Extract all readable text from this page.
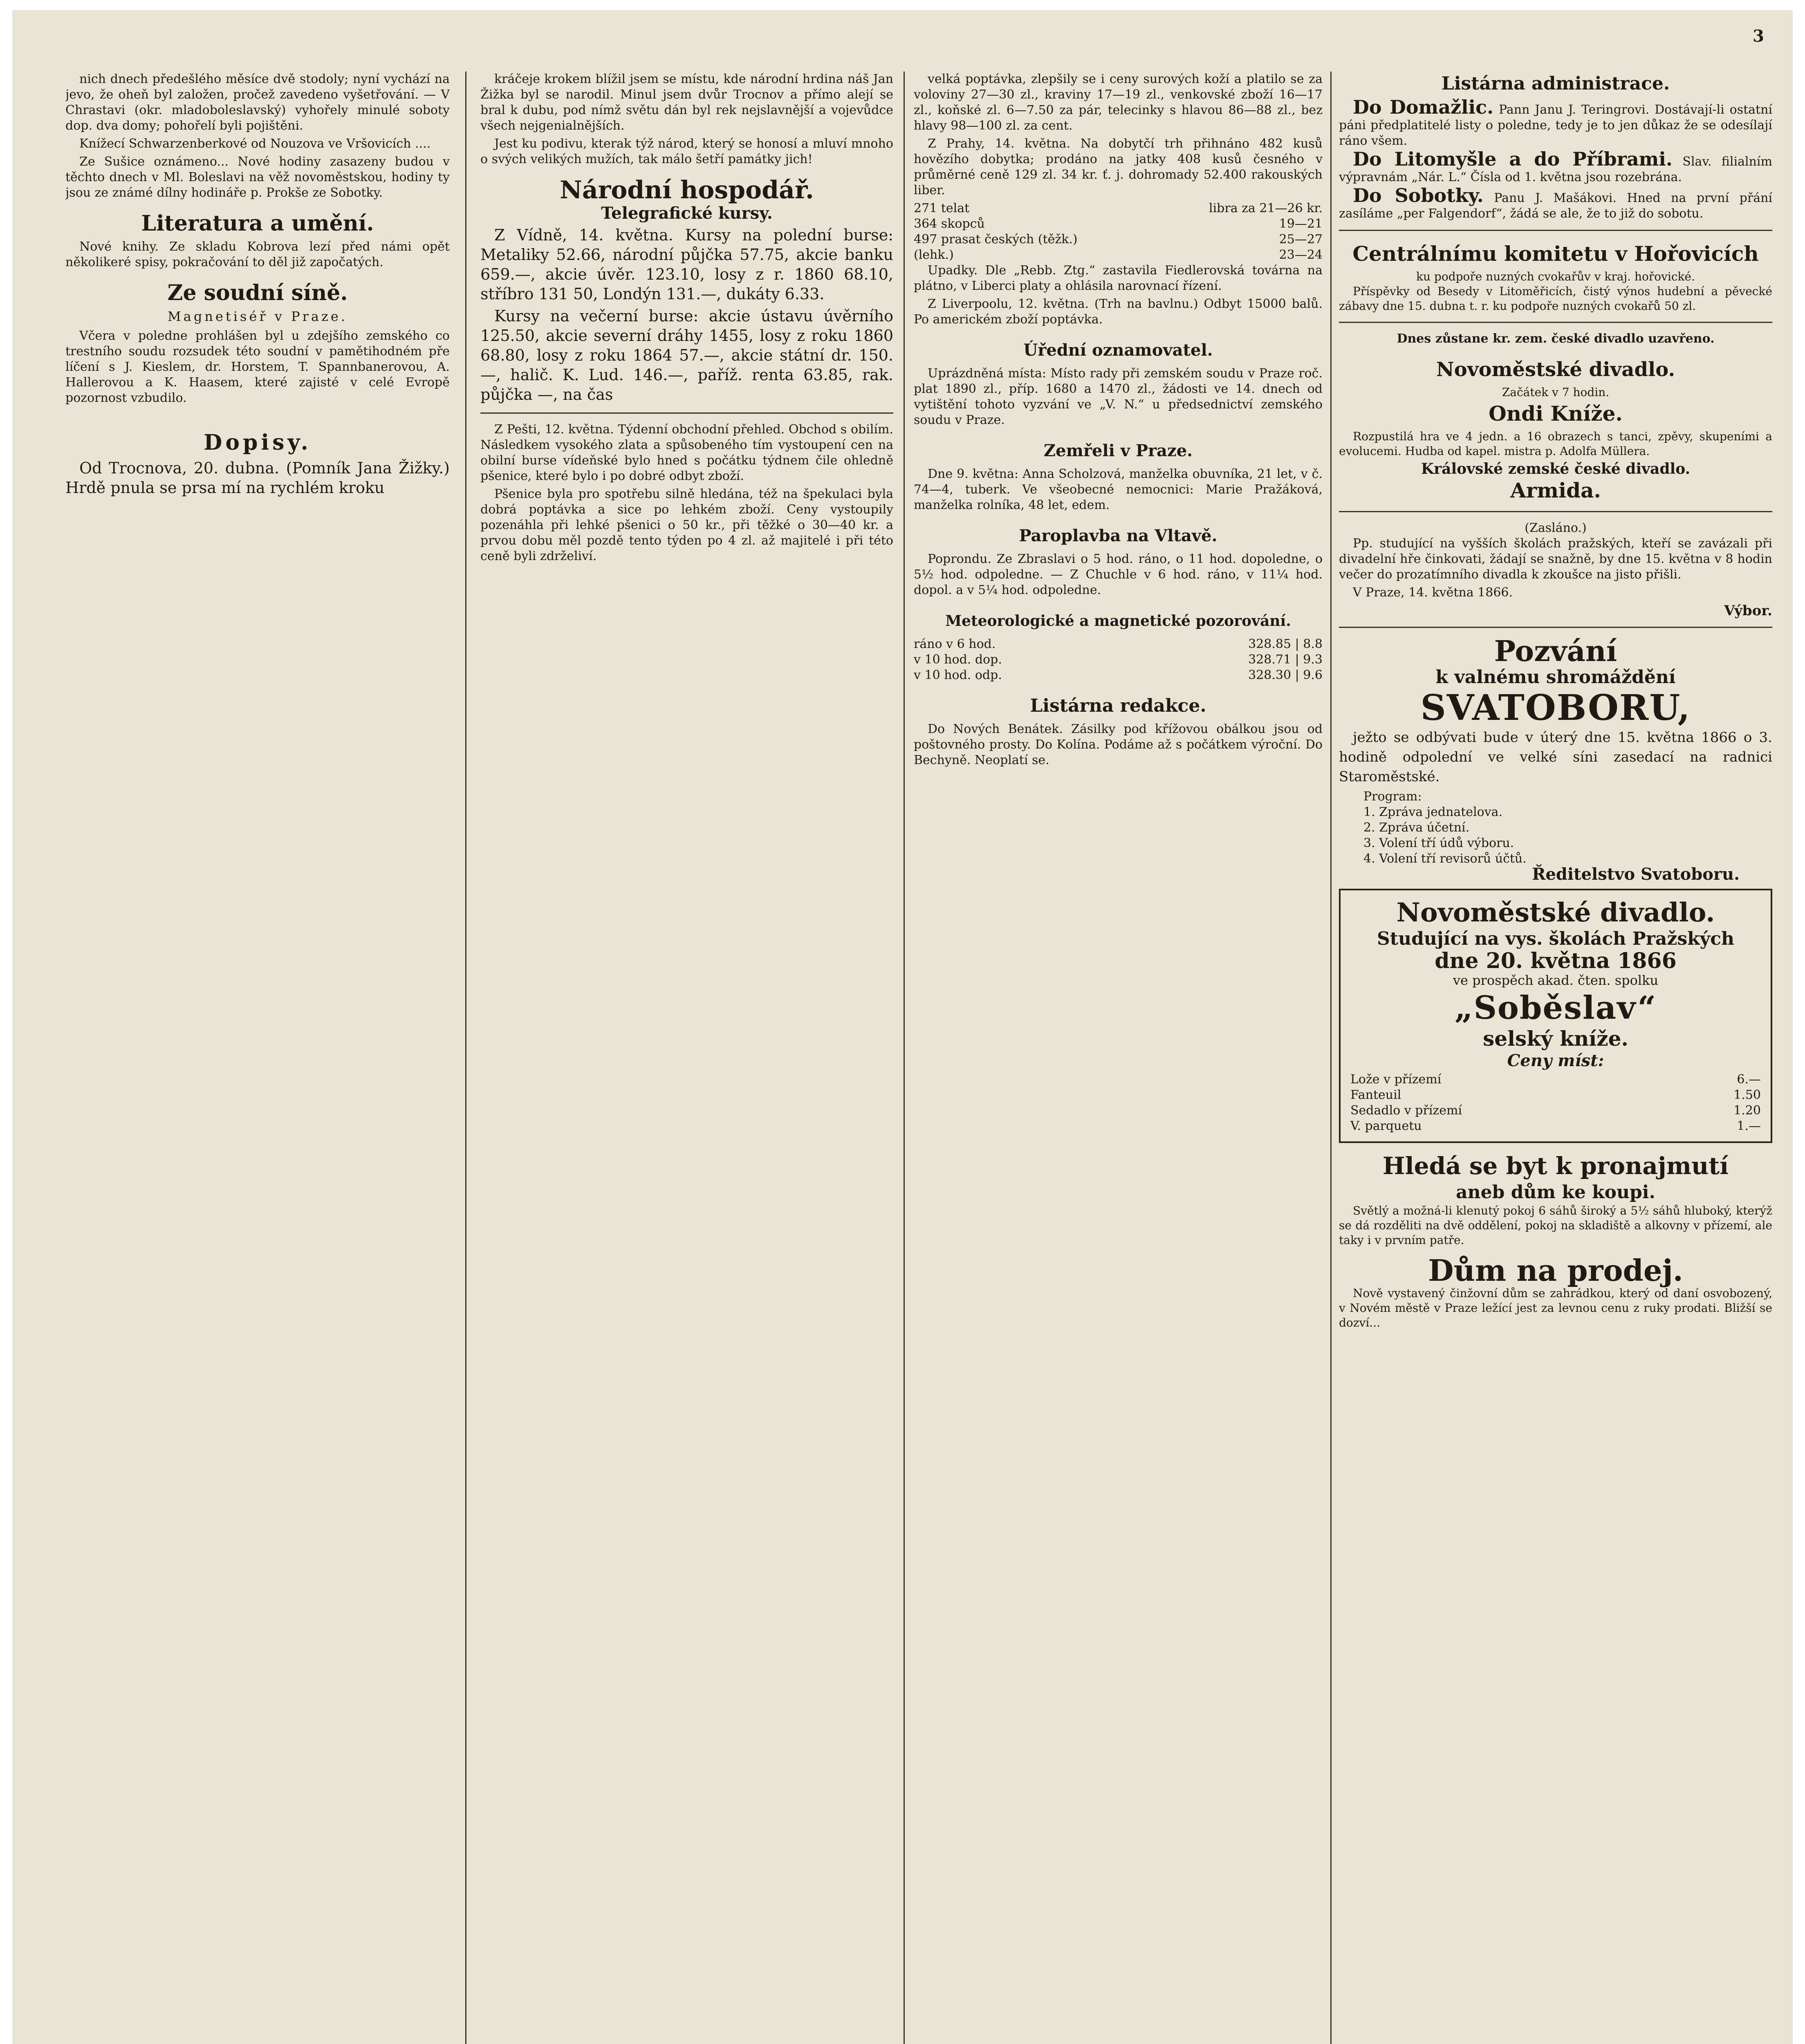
3

nich dnech předešlého měsíce dvě stodoly; nyní vychází na jevo, že oheň byl založen, pročež zavedeno vyšetřování. — V Chrastavi (okr. mladoboleslavský) vyhořely minulé soboty dop. dva domy; pohořelí byli pojištěni.

Knížecí Schwarzenberkové od Nouzova ve Vršovicích ....

Ze Sušice oznámeno... Nové hodiny zasazeny budou v těchto dnech v Ml. Boleslavi na věž novoměstskou, hodiny ty jsou ze známé dílny hodináře p. Prokše ze Sobotky.

Literatura a umění.

Nové knihy. Ze skladu Kobrova lezí před námi opět několikeré spisy, pokračování to děl již započatých.

Ze soudní síně.
Magnetiséř v Praze.

Včera v poledne prohlášen byl u zdejšího zemského co trestního soudu rozsudek této soudní v pamětihodném pře líčení s J. Kieslem, dr. Horstem, T. Spannbanerovou, A. Hallerovou a K. Haasem, které zajisté v celé Evropě pozornost vzbudilo.

Dopisy.

Od Trocnova, 20. dubna. (Pomník Jana Žižky.) Hrdě pnula se prsa mí na rychlém kroku

kráčeje krokem blížil jsem se místu, kde národní hrdina náš Jan Žižka byl se narodil. Minul jsem dvůr Trocnov a přímo alejí se bral k dubu, pod nímž světu dán byl rek nejslavnější a vojevůdce všech nejgenialnějších.

Jest ku podivu, kterak týž národ, který se honosí a mluví mnoho o svých velikých mužích, tak málo šetří památky jich!

Národní hospodář.
Telegrafické kursy.

Z Vídně, 14. května. Kursy na polední burse: Metaliky 52.66, národní půjčka 57.75, akcie banku 659.—, akcie úvěr. 123.10, losy z r. 1860 68.10, stříbro 131 50, Londýn 131.—, dukáty 6.33.

Kursy na večerní burse: akcie ústavu úvěrního 125.50, akcie severní dráhy 1455, losy z roku 1860 68.80, losy z roku 1864 57.—, akcie státní dr. 150.—, halič. K. Lud. 146.—, paříž. renta 63.85, rak. půjčka —, na čas

Z Pešti, 12. května. Týdenní obchodní přehled. Obchod s obilím. Následkem vysokého zlata a spůsobeného tím vystoupení cen na obilní burse vídeňské bylo hned s počátku týdnem čile ohledně pšenice, které bylo i po dobré odbyt zboží.

Pšenice byla pro spotřebu silně hledána, též na špekulaci byla dobrá poptávka a sice po lehkém zboží. Ceny vystoupily pozenáhla při lehké pšenici o 50 kr., při těžké o 30—40 kr. a prvou dobu měl pozdě tento týden po 4 zl. až majitelé i při této ceně byli zdrželiví.

velká poptávka, zlepšily se i ceny surových koží a platilo se za voloviny 27—30 zl., kraviny 17—19 zl., venkovské zboží 16—17 zl., koňské zl. 6—7.50 za pár, telecinky s hlavou 86—88 zl., bez hlavy 98—100 zl. za cent.

Z Prahy, 14. května. Na dobytčí trh přihnáno 482 kusů hovězího dobytka; prodáno na jatky 408 kusů česného v průměrné ceně 129 zl. 34 kr. ť. j. dohromady 52.400 rakouských liber.

271 telat	libra za 21—26 kr.
364 skopců	19—21
497 prasat českých (těžk.)	25—27
(lehk.)	23—24

Upadky. Dle „Rebb. Ztg.“ zastavila Fiedlerovská továrna na plátno, v Liberci platy a ohlásila narovnací řízení.

Z Liverpoolu, 12. května. (Trh na bavlnu.) Odbyt 15000 balů. Po americkém zboží poptávka.

Úřední oznamovatel.

Uprázdněná místa: Místo rady při zemském soudu v Praze roč. plat 1890 zl., příp. 1680 a 1470 zl., žádosti ve 14. dnech od vytištění tohoto vyzvání ve „V. N.“ u předsednictví zemského soudu v Praze.

Zemřeli v Praze.

Dne 9. května: Anna Scholzová, manželka obuvníka, 21 let, v č. 74—4, tuberk. Ve všeobecné nemocnici: Marie Pražáková, manželka rolníka, 48 let, edem.

Paroplavba na Vltavě.

Poprondu. Ze Zbraslavi o 5 hod. ráno, o 11 hod. dopoledne, o 5½ hod. odpoledne. — Z Chuchle v 6 hod. ráno, v 11¼ hod. dopol. a v 5¼ hod. odpoledne.

Meteorologické a magnetické pozorování.
ráno v 6 hod.	328.85 | 8.8
v 10 hod. dop.	328.71 | 9.3
v 10 hod. odp.	328.30 | 9.6
Listárna redakce.

Do Nových Benátek. Zásilky pod křížovou obálkou jsou od poštovného prosty. Do Kolína. Podáme až s počátkem výroční. Do Bechyně. Neoplatí se.

Listárna administrace.

Do Domažlic. Pann Janu J. Teringrovi. Dostávají-li ostatní páni předplatitelé listy o poledne, tedy je to jen důkaz že se odesílají ráno všem.

Do Litomyšle a do Příbrami. Slav. filialním výpravnám „Nár. L.“ Čísla od 1. května jsou rozebrána.

Do Sobotky. Panu J. Mašákovi. Hned na první přání zasíláme „per Falgendorf“, žádá se ale, že to již do sobotu.

Centrálnímu komitetu v Hořovicích
ku podpoře nuzných cvokařův v kraj. hořovické.

Příspěvky od Besedy v Litoměřicích, čistý výnos hudební a pěvecké zábavy dne 15. dubna t. r. ku podpoře nuzných cvokařů 50 zl.

Dnes zůstane kr. zem. české divadlo uzavřeno.
Novoměstské divadlo.
Začátek v 7 hodin.
Ondi Kníže.

Rozpustilá hra ve 4 jedn. a 16 obrazech s tanci, zpěvy, skupeními a evolucemi. Hudba od kapel. mistra p. Adolfa Müllera.

Královské zemské české divadlo.
Armida.
(Zasláno.)

Pp. studující na vyšších školách pražských, kteří se zavázali při divadelní hře činkovati, žádají se snažně, by dne 15. května v 8 hodin večer do prozatímního divadla k zkoušce na jisto přišli.

V Praze, 14. května 1866.

Výbor.
Pozvání
k valnému shromáždění
SVATOBORU,

ježto se odbývati bude v úterý dne 15. května 1866 o 3. hodině odpolední ve velké síni zasedací na radnici Staroměstské.

Program:
1. Zpráva jednatelova.
2. Zpráva účetní.
3. Volení tří údů výboru.
4. Volení tří revisorů účtů.
Ředitelstvo Svatoboru.
Novoměstské divadlo.
Studující na vys. školách Pražských
dne 20. května 1866
ve prospěch akad. čten. spolku
„Soběslav“
selský kníže.
Ceny míst:
Lože v přízemí	6.—
Fanteuil	1.50
Sedadlo v přízemí	1.20
V. parquetu	1.—
Hledá se byt k pronajmutí
aneb dům ke koupi.

Světlý a možná-li klenutý pokoj 6 sáhů široký a 5½ sáhů hluboký, kterýž se dá rozděliti na dvě oddělení, pokoj na skladiště a alkovny v přízemí, ale taky i v prvním patře.

Dům na prodej.

Nově vystavený činžovní dům se zahrádkou, který od daní osvobozený, v Novém městě v Praze ležící jest za levnou cenu z ruky prodati. Bližší se dozví...
